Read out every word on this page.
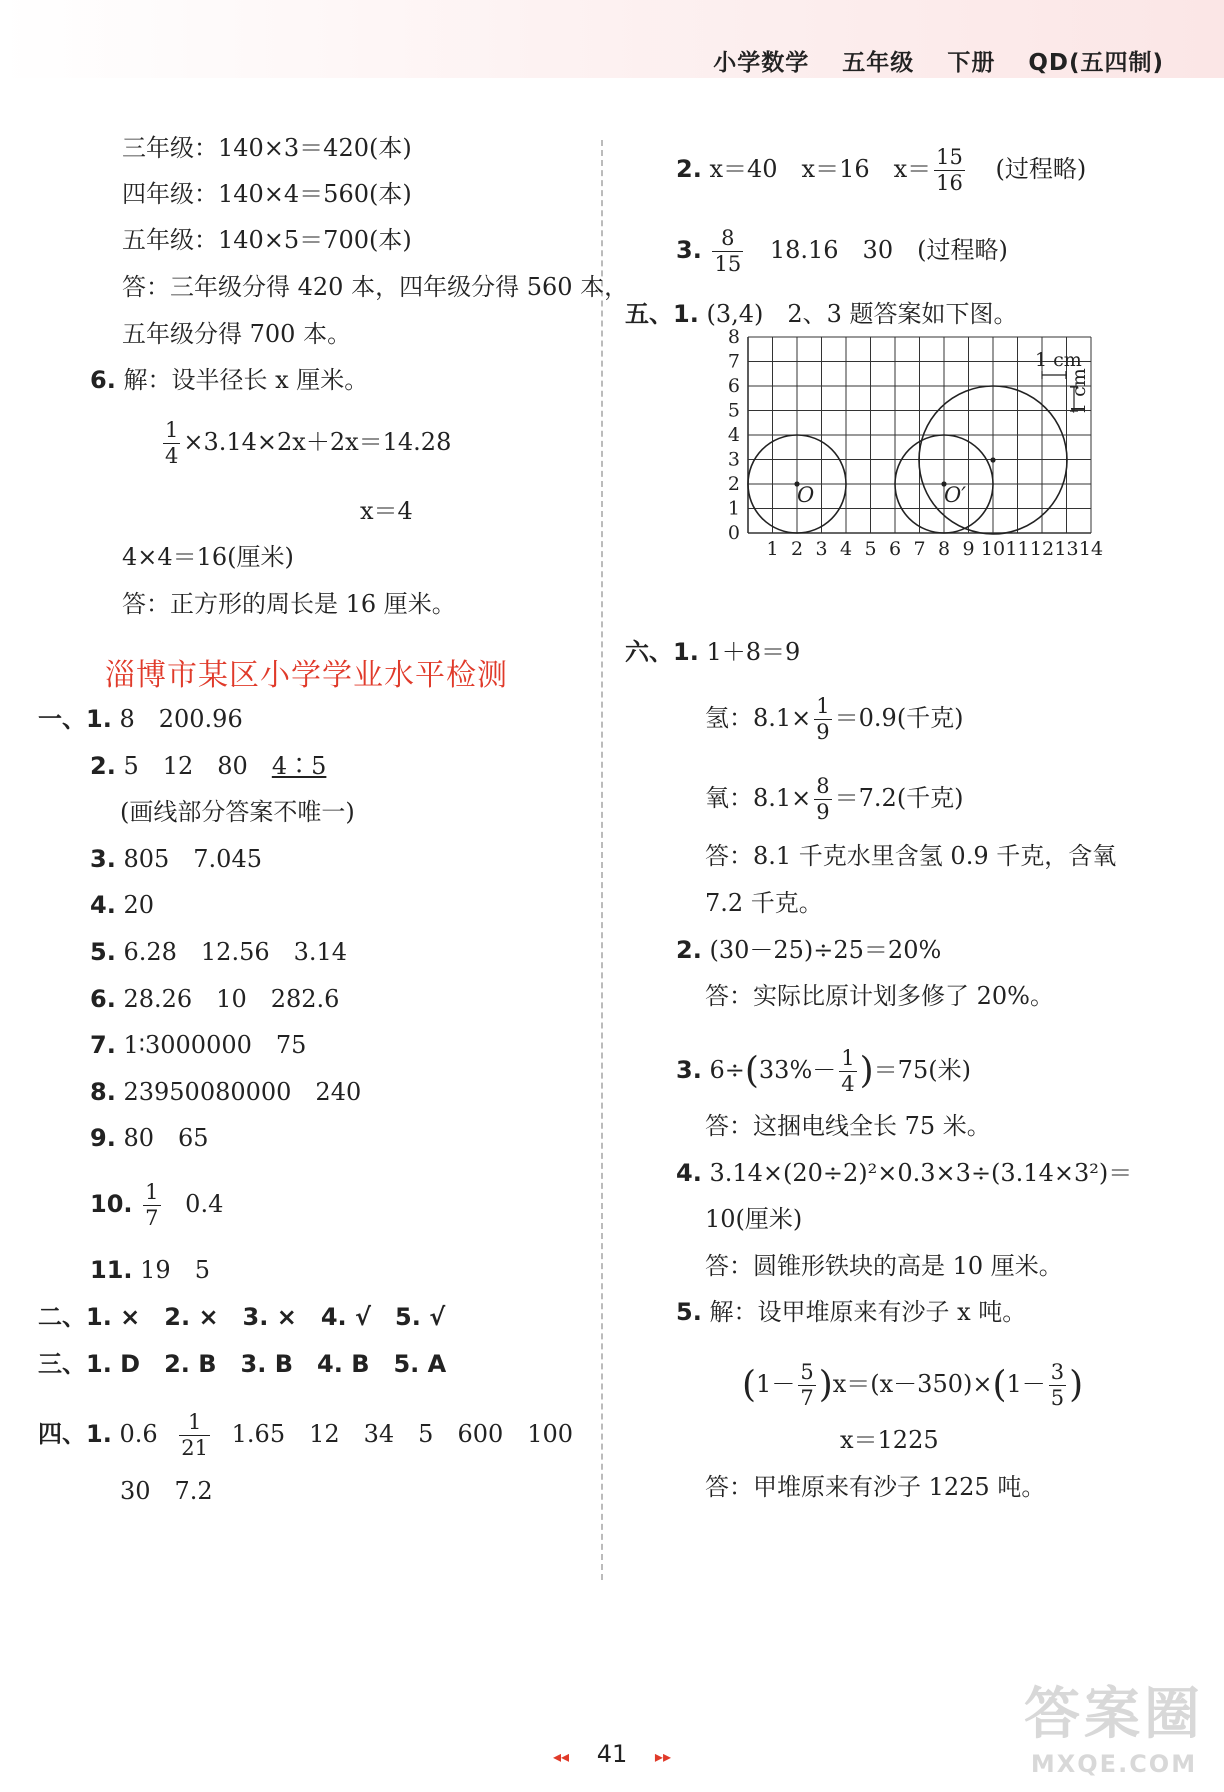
小学数学 五年级 下册 QD(五四制)
三年级：140×3＝420(本)
四年级：140×4＝560(本)
五年级：140×5＝700(本)
答：三年级分得 420 本，四年级分得 560 本，
五年级分得 700 本。
6. 解：设半径长 x 厘米。
$\frac{1}{4} \times 3.14\times 2x+2x=14.28$
x＝4
4×4＝16(厘米)
答：正方形的周长是 16 厘米。
淄博市某区小学学业水平检测
一、1. 8　200.96
2. 5　12　80　4∶5
(画线部分答案不唯一)
3. 805　7.045
4. 20
5. 6.28　12.56　3.14
6. 28.26　10　282.6
7. 1∶3000000　75
8. 23950080000　240
9. 80　65
10. $\frac{1}{7} 0.4$
11. 19　5
二、1. ×　2. ×　3. ×　4. √　5. √
三、1. D　2. B　3. B　4. B　5. A
四、1. $0.6 \frac{1}{21} 1.65$　12　34　5　600　100
30　7.2
2. x＝40　x＝16　$x= \frac{15}{16}$ (过程略)
3. $\frac{8}{15} 18.16$　30　(过程略)
五、1. (3,4)　2、3 题答案如下图。
1 2 3 4 5 6 7 8 9 10 11 12 13 14
0
1
2
3
4
5
6
7
8
O	O′
1 cm
1 cm
六、1. 1＋8＝9
氢：$8.1\times \frac{1}{9} =0.9$(千克)
氧：$8.1\times \frac{8}{9} =7.2$(千克)
答：8.1 千克水里含氢 0.9 千克，含氧
7.2 千克。
2. (30－25)÷25＝20%
答：实际比原计划多修了 20%。
3. $6\div(33\%- \frac{1}{4} )=75$(米)
答：这捆电线全长 75 米。
4. 3.14×(20÷2)²×0.3×3÷(3.14×3²)＝
10(厘米)
答：圆锥形铁块的高是 10 厘米。
5. 解：设甲堆原来有沙子 x 吨。
$(1- \frac{5}{7} )x=(x-350)\times(1- \frac{3}{5}$ )
x＝1225
答：甲堆原来有沙子 1225 吨。
◂◂ 41 ▸▸
答案圈
MXQE.COM
